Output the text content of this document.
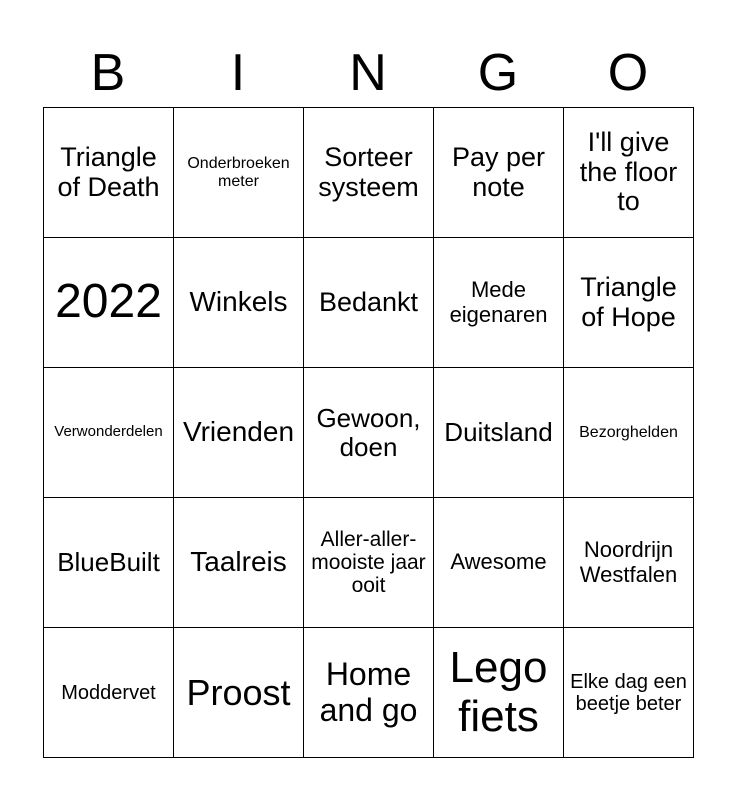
B	I	N	G	O
Triangle of Death	Onderbroeken meter	Sorteer systeem	Pay per note	I'll give the floor to
2022	Winkels	Bedankt	Mede eigenaren	Triangle of Hope
Verwonderdelen	Vrienden	Gewoon, doen	Duitsland	Bezorghelden
BlueBuilt	Taalreis	Aller-aller-mooiste jaar ooit	Awesome	Noordrijn Westfalen
Moddervet	Proost	Home and go	Lego fiets	Elke dag een beetje beter
